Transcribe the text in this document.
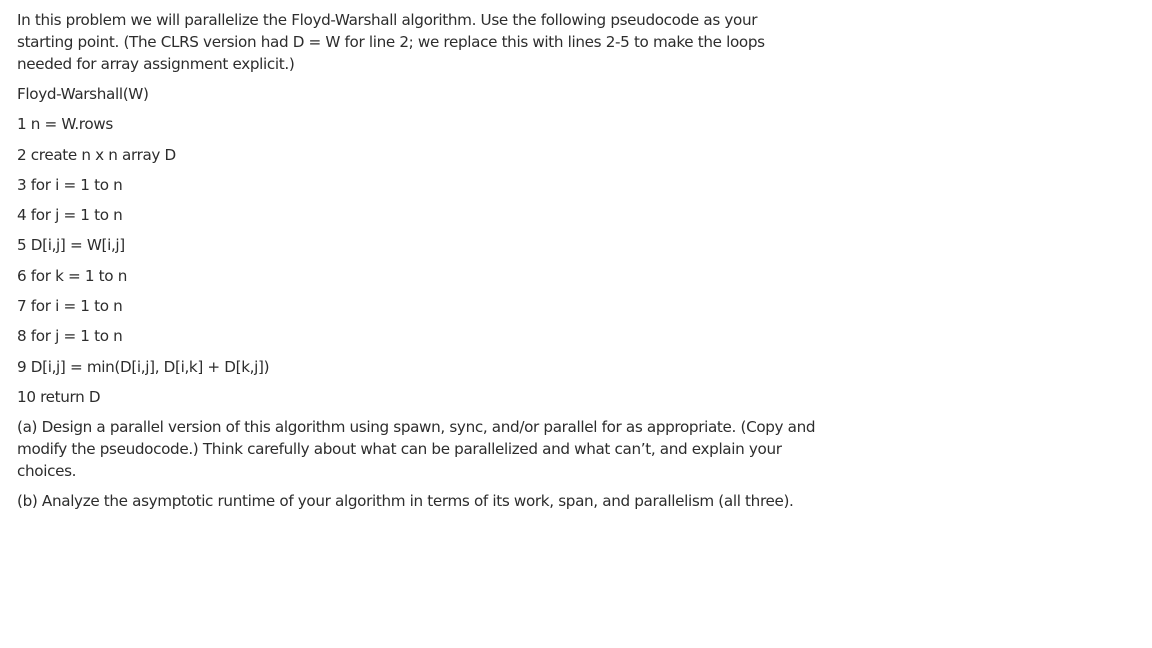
In this problem we will parallelize the Floyd-Warshall algorithm. Use the following pseudocode as your starting point. (The CLRS version had D = W for line 2; we replace this with lines 2-5 to make the loops needed for array assignment explicit.)

Floyd-Warshall(W)
1 n = W.rows
2 create n x n array D
3 for i = 1 to n
4 for j = 1 to n
5 D[i,j] = W[i,j]
6 for k = 1 to n
7 for i = 1 to n
8 for j = 1 to n
9 D[i,j] = min(D[i,j], D[i,k] + D[k,j])
10 return D

(a) Design a parallel version of this algorithm using spawn, sync, and/or parallel for as appropriate. (Copy and modify the pseudocode.) Think carefully about what can be parallelized and what can’t, and explain your choices.

(b) Analyze the asymptotic runtime of your algorithm in terms of its work, span, and parallelism (all three).
